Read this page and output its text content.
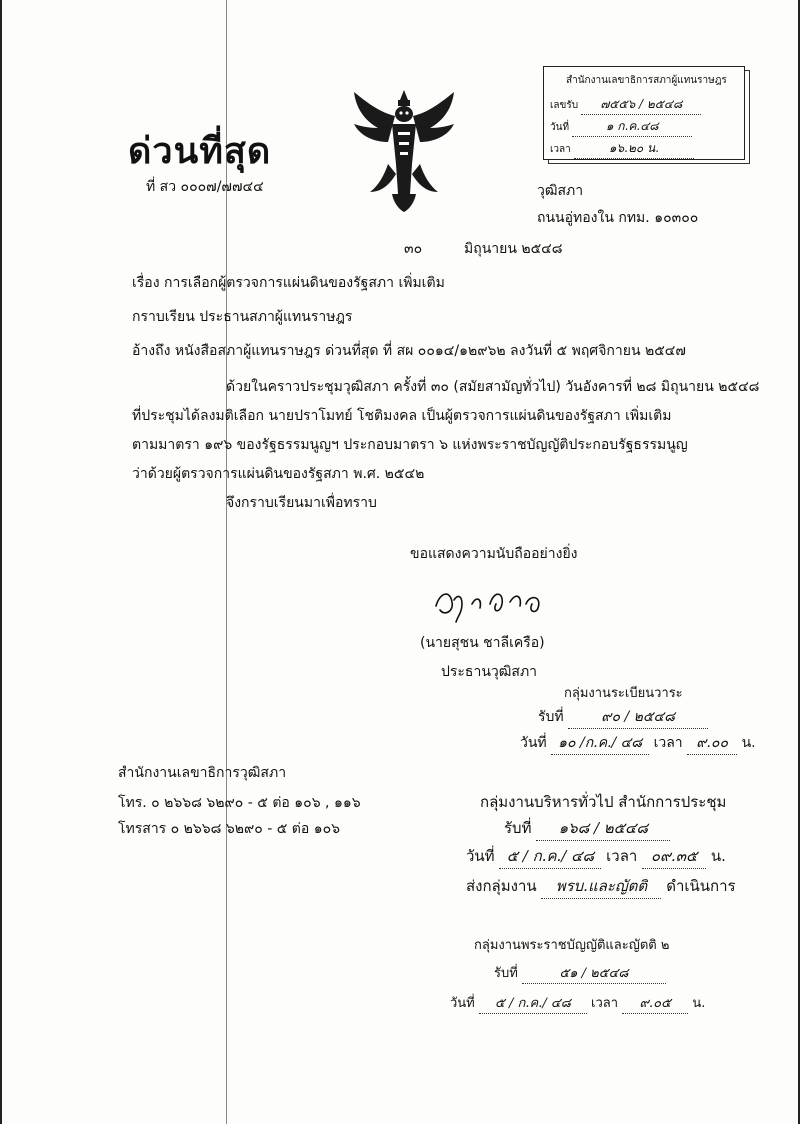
ด่วนที่สุด
ที่ สว ๐๐๐๗/๗๗๔๔
สำนักงานเลขาธิการสภาผู้แทนราษฎร
เลขรับ ๗๕๕๖ / ๒๕๔๘
วันที่	๑ ก.ค.๔๘
เวลา	๑๖.๒๐ น.
วุฒิสภา
ถนนอู่ทองใน กทม. ๑๐๓๐๐
๓๐	มิถุนายน ๒๕๔๘
เรื่อง การเลือกผู้ตรวจการแผ่นดินของรัฐสภา เพิ่มเติม
กราบเรียน ประธานสภาผู้แทนราษฎร
อ้างถึง หนังสือสภาผู้แทนราษฎร ด่วนที่สุด ที่ สผ ๐๐๑๔/๑๒๙๖๒ ลงวันที่ ๕ พฤศจิกายน ๒๕๔๗
ด้วยในคราวประชุมวุฒิสภา ครั้งที่ ๓๐ (สมัยสามัญทั่วไป) วันอังคารที่ ๒๘ มิถุนายน ๒๕๔๘
ที่ประชุมได้ลงมติเลือก นายปราโมทย์ โชติมงคล เป็นผู้ตรวจการแผ่นดินของรัฐสภา เพิ่มเติม
ตามมาตรา ๑๙๖ ของรัฐธรรมนูญฯ ประกอบมาตรา ๖ แห่งพระราชบัญญัติประกอบรัฐธรรมนูญ
ว่าด้วยผู้ตรวจการแผ่นดินของรัฐสภา พ.ศ. ๒๕๔๒
จึงกราบเรียนมาเพื่อทราบ
ขอแสดงความนับถืออย่างยิ่ง
(นายสุชน ชาลีเครือ)
ประธานวุฒิสภา
กลุ่มงานระเบียนวาระ
รับที่	๙๐ / ๒๕๔๘
วันที่ ๑๐ /ก.ค./ ๔๘ เวลา ๙.๐๐ น.
สำนักงานเลขาธิการวุฒิสภา
โทร. ๐ ๒๖๖๘ ๖๒๙๐ - ๕ ต่อ ๑๐๖ , ๑๑๖
โทรสาร ๐ ๒๖๖๘ ๖๒๙๐ - ๕ ต่อ ๑๐๖
กลุ่มงานบริหารทั่วไป สำนักการประชุม
รับที่ ๑๖๘ / ๒๕๔๘
วันที่ ๕ / ก.ค./ ๔๘ เวลา ๐๙.๓๕ น.
ส่งกลุ่มงาน พรบ.และญัตติ ดำเนินการ
กลุ่มงานพระราชบัญญัติและญัตติ ๒
รับที่	๕๑ / ๒๕๔๘
วันที่ ๕ / ก.ค./ ๔๘ เวลา ๙.๐๕ น.
